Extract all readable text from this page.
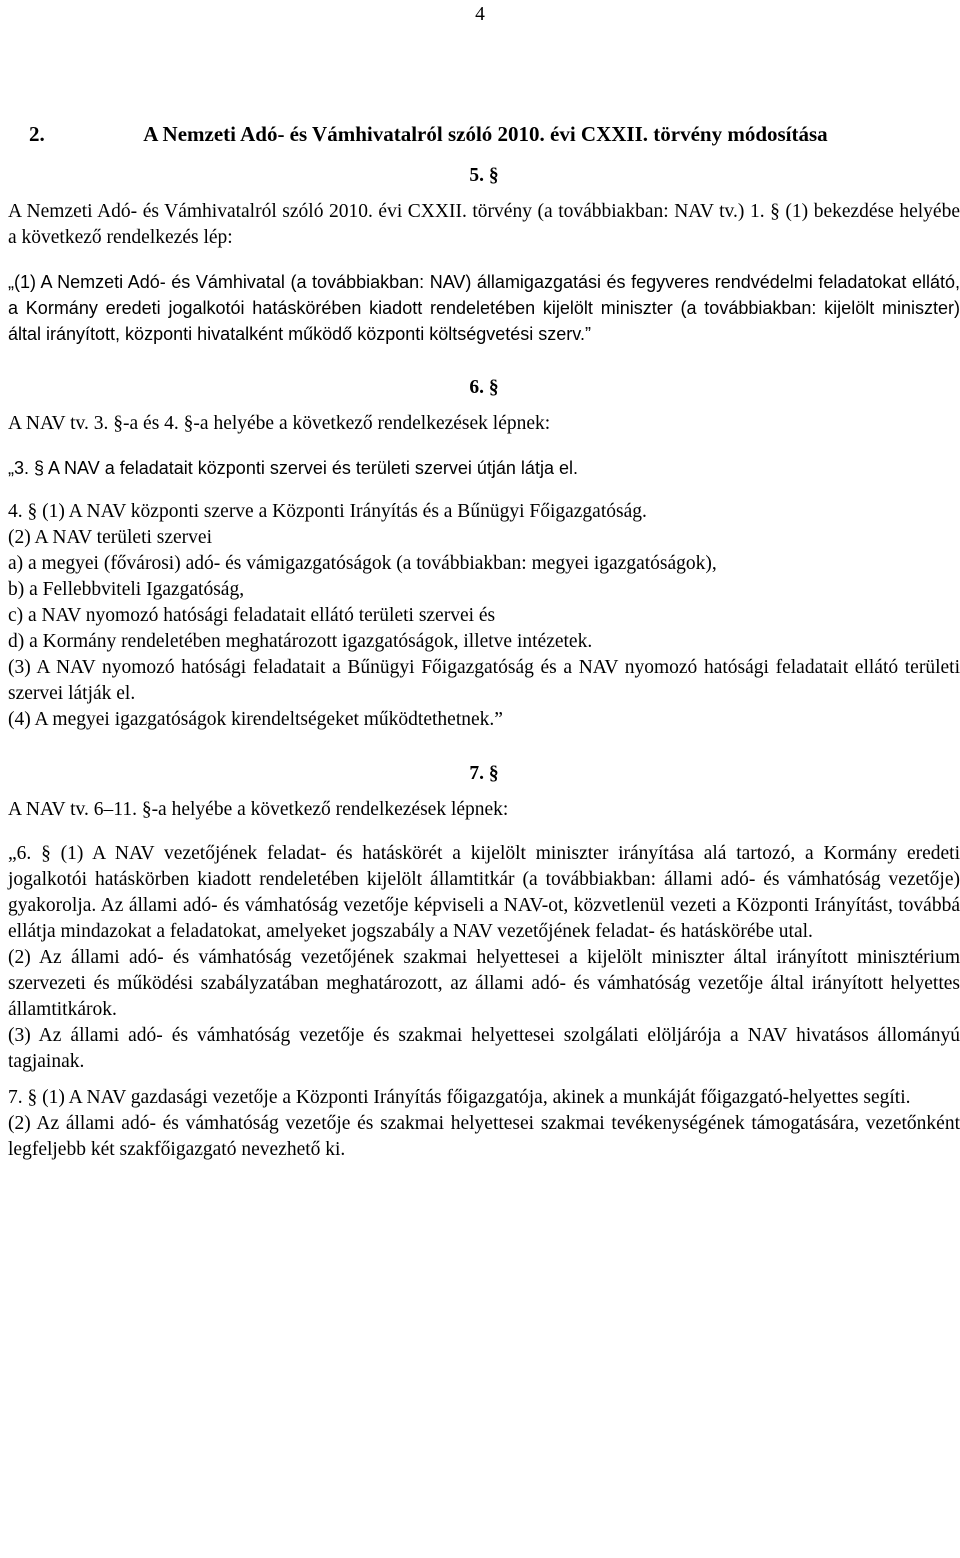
4
2.	A Nemzeti Adó- és Vámhivatalról szóló 2010. évi CXXII. törvény módosítása

5. §

A Nemzeti Adó- és Vámhivatalról szóló 2010. évi CXXII. törvény (a továbbiakban: NAV tv.) 1. § (1) bekezdése helyébe a következő rendelkezés lép:

„(1) A Nemzeti Adó- és Vámhivatal (a továbbiakban: NAV) államigazgatási és fegyveres rendvédelmi feladatokat ellátó, a Kormány eredeti jogalkotói hatáskörében kiadott rendeletében kijelölt miniszter (a továbbiakban: kijelölt miniszter) által irányított, központi hivatalként működő központi költségvetési szerv.”

6. §

A NAV tv. 3. §-a és 4. §-a helyébe a következő rendelkezések lépnek:

„3. § A NAV a feladatait központi szervei és területi szervei útján látja el.

4. § (1) A NAV központi szerve a Központi Irányítás és a Bűnügyi Főigazgatóság.

(2) A NAV területi szervei

a) a megyei (fővárosi) adó- és vámigazgatóságok (a továbbiakban: megyei igazgatóságok),

b) a Fellebbviteli Igazgatóság,

c) a NAV nyomozó hatósági feladatait ellátó területi szervei és

d) a Kormány rendeletében meghatározott igazgatóságok, illetve intézetek.

(3) A NAV nyomozó hatósági feladatait a Bűnügyi Főigazgatóság és a NAV nyomozó hatósági feladatait ellátó területi szervei látják el.

(4) A megyei igazgatóságok kirendeltségeket működtethetnek.”

7. §

A NAV tv. 6–11. §-a helyébe a következő rendelkezések lépnek:

„6. § (1) A NAV vezetőjének feladat- és hatáskörét a kijelölt miniszter irányítása alá tartozó, a Kormány eredeti jogalkotói hatáskörben kiadott rendeletében kijelölt államtitkár (a továbbiakban: állami adó- és vámhatóság vezetője) gyakorolja. Az állami adó- és vámhatóság vezetője képviseli a NAV-ot, közvetlenül vezeti a Központi Irányítást, továbbá ellátja mindazokat a feladatokat, amelyeket jogszabály a NAV vezetőjének feladat- és hatáskörébe utal.

(2) Az állami adó- és vámhatóság vezetőjének szakmai helyettesei a kijelölt miniszter által irányított minisztérium szervezeti és működési szabályzatában meghatározott, az állami adó- és vámhatóság vezetője által irányított helyettes államtitkárok.

(3) Az állami adó- és vámhatóság vezetője és szakmai helyettesei szolgálati elöljárója a NAV hivatásos állományú tagjainak.

7. § (1) A NAV gazdasági vezetője a Központi Irányítás főigazgatója, akinek a munkáját főigazgató-helyettes segíti.

(2) Az állami adó- és vámhatóság vezetője és szakmai helyettesei szakmai tevékenységének támogatására, vezetőnként legfeljebb két szakfőigazgató nevezhető ki.
